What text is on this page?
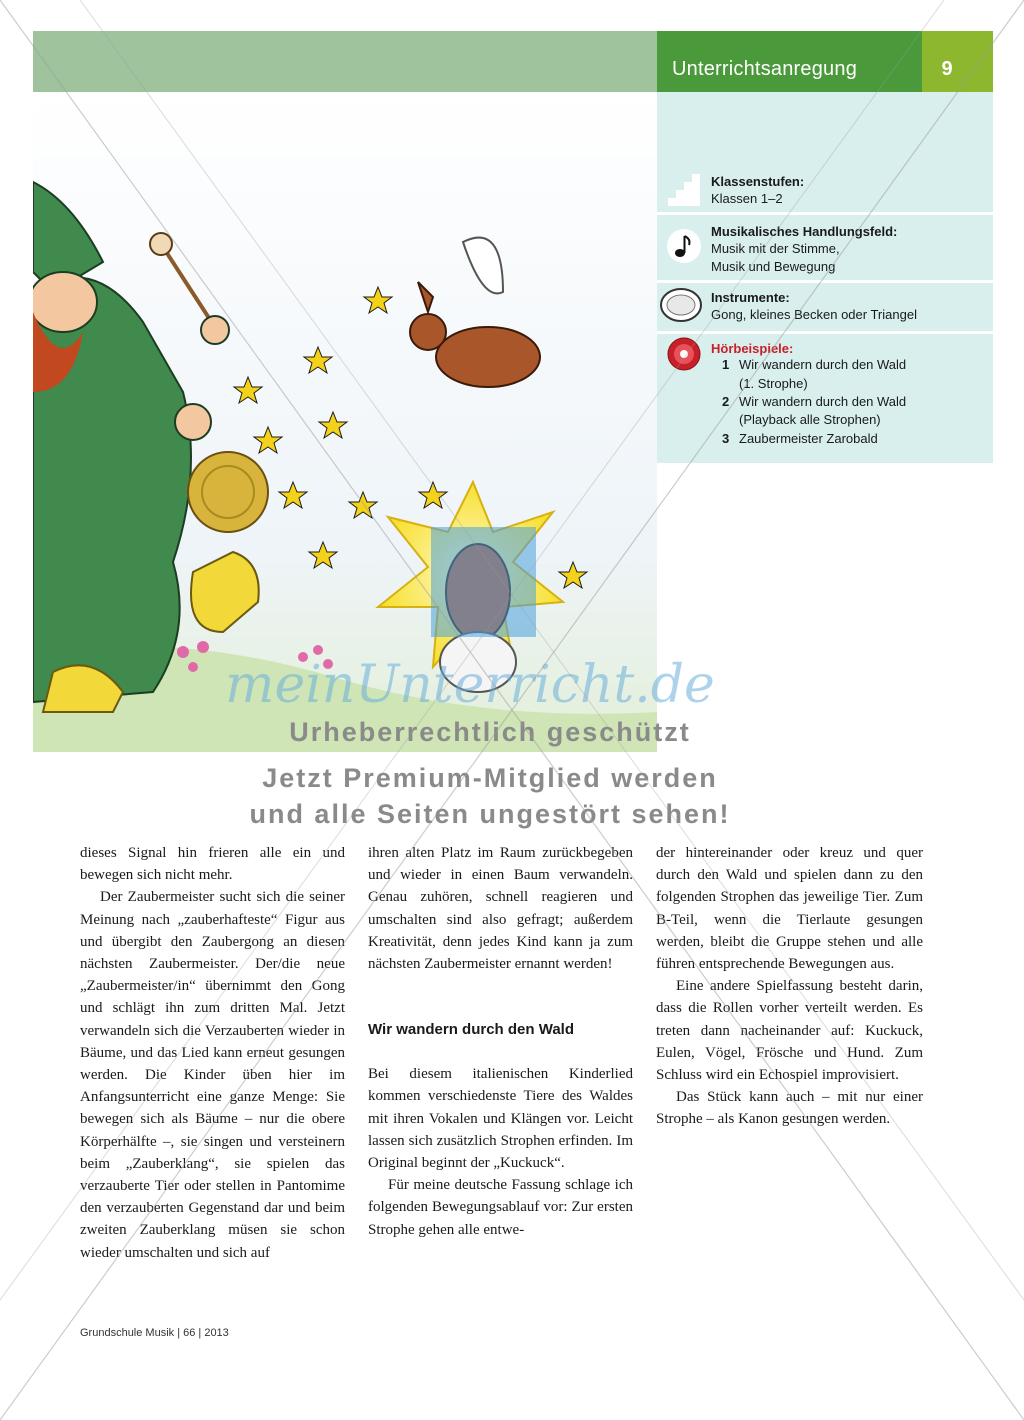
Unterrichtsanregung	9
Klassenstufen:
Klassen 1–2
Musikalisches Handlungsfeld:
Musik mit der Stimme,
Musik und Bewegung
Instrumente:
Gong, kleines Becken oder Triangel
Hörbeispiele:
1 Wir wandern durch den Wald
(1. Strophe)
2 Wir wandern durch den Wald
(Playback alle Strophen)
3 Zaubermeister Zarobald
meinUnterricht.de
Urheberrechtlich geschützt
Jetzt Premium-Mitglied werden
und alle Seiten ungestört sehen!

dieses Signal hin frieren alle ein und bewegen sich nicht mehr.

Der Zaubermeister sucht sich die seiner Meinung nach „zauberhafteste“ Figur aus und übergibt den Zaubergong an diesen nächsten Zaubermeister. Der/die neue „Zaubermeister/in“ übernimmt den Gong und schlägt ihn zum dritten Mal. Jetzt verwandeln sich die Verzauberten wieder in Bäume, und das Lied kann erneut gesungen werden. Die Kinder üben hier im Anfangsunterricht eine ganze Menge: Sie bewegen sich als Bäume – nur die obere Körperhälfte –, sie singen und versteinern beim „Zauberklang“, sie spielen das verzauberte Tier oder stellen in Pantomime den verzauberten Gegenstand dar und beim zweiten Zauberklang müsen sie schon wieder umschalten und sich auf

ihren alten Platz im Raum zurückbegeben und wieder in einen Baum verwandeln. Genau zuhören, schnell reagieren und umschalten sind also gefragt; außerdem Kreativität, denn jedes Kind kann ja zum nächsten Zaubermeister ernannt werden!

Wir wandern durch den Wald

Bei diesem italienischen Kinderlied kommen verschiedenste Tiere des Waldes mit ihren Vokalen und Klängen vor. Leicht lassen sich zusätzlich Strophen erfinden. Im Original beginnt der „Kuckuck“.

Für meine deutsche Fassung schlage ich folgenden Bewegungsablauf vor: Zur ersten Strophe gehen alle entwe-

der hintereinander oder kreuz und quer durch den Wald und spielen dann zu den folgenden Strophen das jeweilige Tier. Zum B-Teil, wenn die Tierlaute gesungen werden, bleibt die Gruppe stehen und alle führen entsprechende Bewegungen aus.

Eine andere Spielfassung besteht darin, dass die Rollen vorher verteilt werden. Es treten dann nacheinander auf: Kuckuck, Eulen, Vögel, Frösche und Hund. Zum Schluss wird ein Echospiel improvisiert.

Das Stück kann auch – mit nur einer Strophe – als Kanon gesungen werden.

Grundschule Musik | 66 | 2013
